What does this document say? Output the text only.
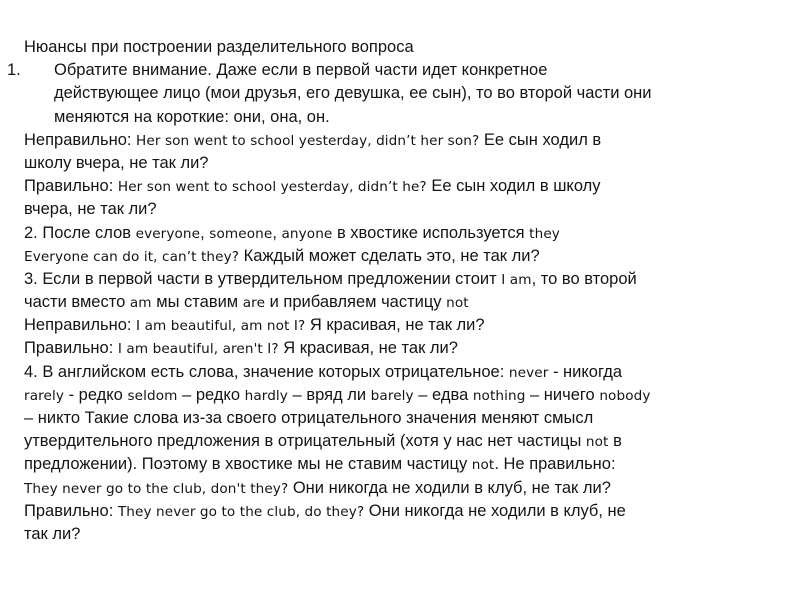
Нюансы при построении разделительного вопроса
1. Обратите внимание. Даже если в первой части идет конкретное
действующее лицо (мои друзья, его девушка, ее сын), то во второй части они
меняются на короткие: они, она, он.
Неправильно: Her son went to school yesterday, didn’t her son? Ее сын ходил в
школу вчера, не так ли?
Правильно: Her son went to school yesterday, didn’t he? Ее сын ходил в школу
вчера, не так ли?
2. После слов everyone, someone, anyone в хвостике используется they
Everyone can do it, can’t they? Каждый может сделать это, не так ли?
3. Если в первой части в утвердительном предложении стоит I am, то во второй
части вместо am мы ставим are и прибавляем частицу not
Неправильно: I am beautiful, am not I? Я красивая, не так ли?
Правильно: I am beautiful, aren't I? Я красивая, не так ли?
4. В английском есть слова, значение которых отрицательное: never - никогда
rarely - редко seldom – редко hardly – вряд ли barely – едва nothing – ничего nobody
– никто Такие слова из-за своего отрицательного значения меняют смысл
утвердительного предложения в отрицательный (хотя у нас нет частицы not в
предложении). Поэтому в хвостике мы не ставим частицу not. Не правильно:
They never go to the club, don't they? Они никогда не ходили в клуб, не так ли?
Правильно: They never go to the club, do they? Они никогда не ходили в клуб, не
так ли?
